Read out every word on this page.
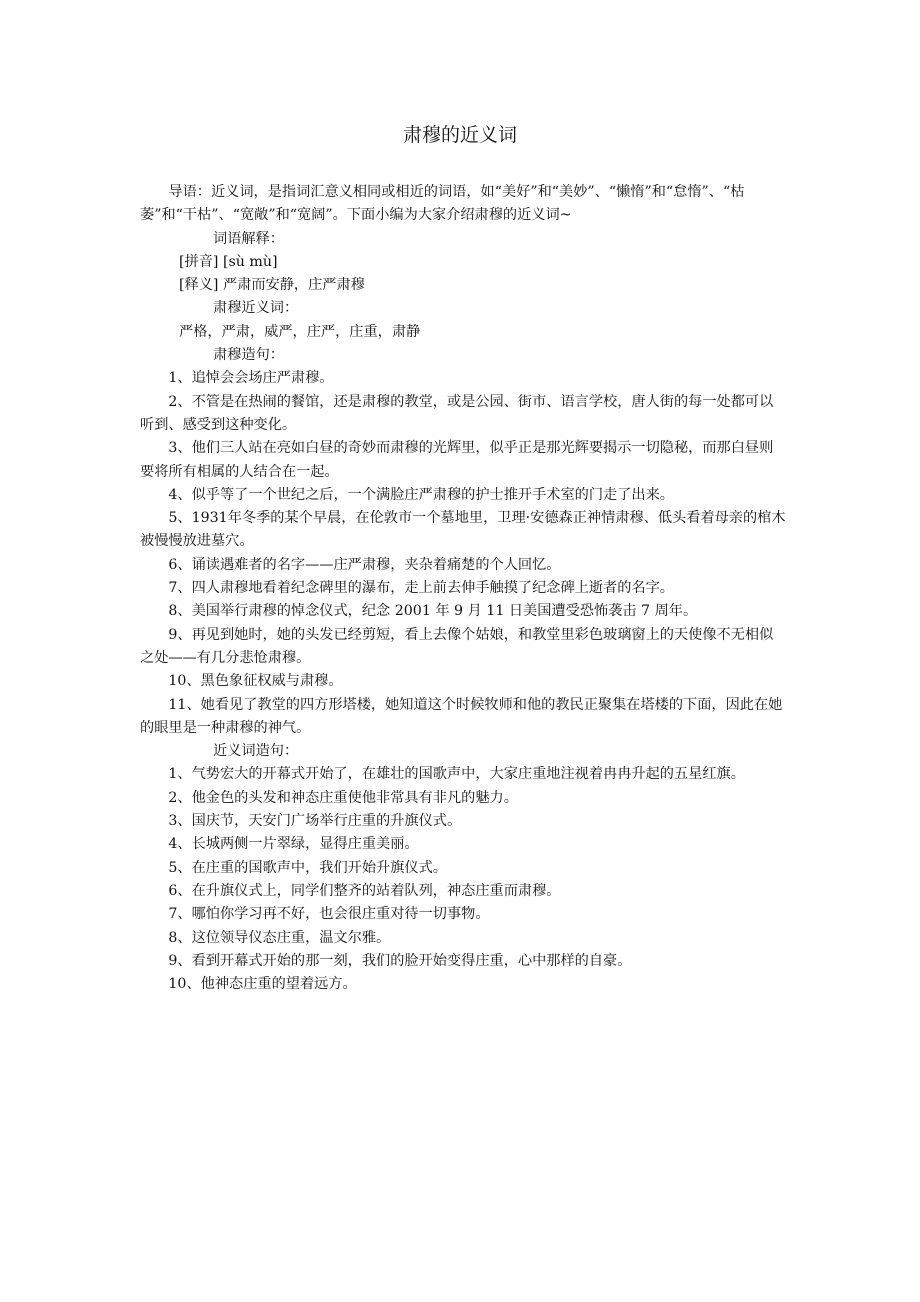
肃穆的近义词

导语：近义词，是指词汇意义相同或相近的词语，如“美好”和“美妙”、“懒惰”和“怠惰”、“枯萎”和“干枯”、“宽敞”和“宽阔”。下面小编为大家介绍肃穆的近义词~

词语解释：

[拼音] [sù mù]

[释义] 严肃而安静，庄严肃穆

肃穆近义词：

严格，严肃，威严，庄严，庄重，肃静

肃穆造句：

1、追悼会会场庄严肃穆。

2、不管是在热闹的餐馆，还是肃穆的教堂，或是公园、街市、语言学校，唐人街的每一处都可以听到、感受到这种变化。

3、他们三人站在亮如白昼的奇妙而肃穆的光辉里，似乎正是那光辉要揭示一切隐秘，而那白昼则要将所有相属的人结合在一起。

4、似乎等了一个世纪之后，一个满脸庄严肃穆的护士推开手术室的门走了出来。

5、1931年冬季的某个早晨，在伦敦市一个墓地里，卫理·安德森正神情肃穆、低头看着母亲的棺木被慢慢放进墓穴。

6、诵读遇难者的名字——庄严肃穆，夹杂着痛楚的个人回忆。

7、四人肃穆地看着纪念碑里的瀑布，走上前去伸手触摸了纪念碑上逝者的名字。

8、美国举行肃穆的悼念仪式，纪念 2001 年 9 月 11 日美国遭受恐怖袭击 7 周年。

9、再见到她时，她的头发已经剪短，看上去像个姑娘，和教堂里彩色玻璃窗上的天使像不无相似之处——有几分悲怆肃穆。

10、黑色象征权威与肃穆。

11、她看见了教堂的四方形塔楼，她知道这个时候牧师和他的教民正聚集在塔楼的下面，因此在她的眼里是一种肃穆的神气。

近义词造句：

1、气势宏大的开幕式开始了，在雄壮的国歌声中，大家庄重地注视着冉冉升起的五星红旗。

2、他金色的头发和神态庄重使他非常具有非凡的魅力。

3、国庆节，天安门广场举行庄重的升旗仪式。

4、长城两侧一片翠绿，显得庄重美丽。

5、在庄重的国歌声中，我们开始升旗仪式。

6、在升旗仪式上，同学们整齐的站着队列，神态庄重而肃穆。

7、哪怕你学习再不好，也会很庄重对待一切事物。

8、这位领导仪态庄重，温文尔雅。

9、看到开幕式开始的那一刻，我们的脸开始变得庄重，心中那样的自豪。

10、他神态庄重的望着远方。
